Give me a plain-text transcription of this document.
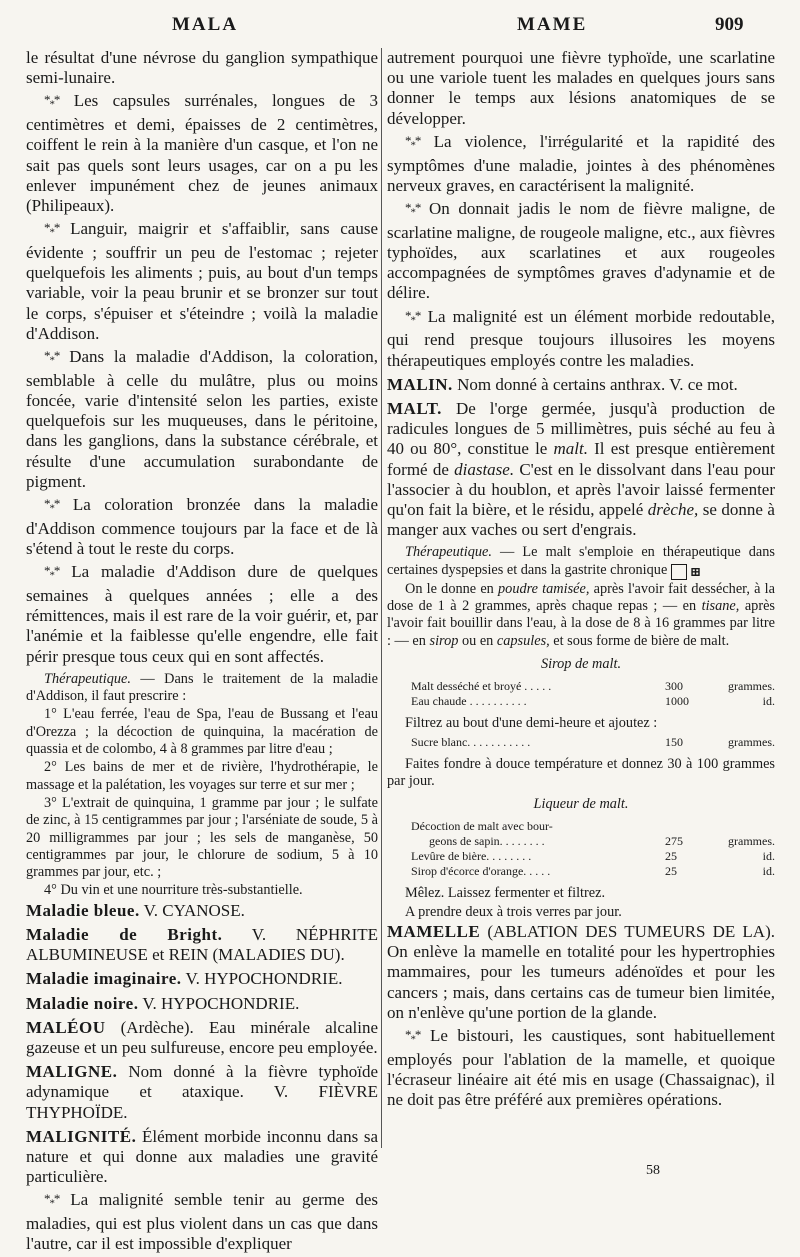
MALA	MAME	909

le résultat d'une névrose du ganglion sympathique semi-lunaire.

$*_**$ Les capsules surrénales, longues de 3 centimètres et demi, épaisses de 2 centimètres, coiffent le rein à la manière d'un casque, et l'on ne sait pas quels sont leurs usages, car on a pu les enlever impunément chez de jeunes animaux (Philipeaux).

$*_**$ Languir, maigrir et s'affaiblir, sans cause évidente ; souffrir un peu de l'estomac ; rejeter quelquefois les aliments ; puis, au bout d'un temps variable, voir la peau brunir et se bronzer sur tout le corps, s'épuiser et s'éteindre ; voilà la maladie d'Addison.

$*_**$ Dans la maladie d'Addison, la coloration, semblable à celle du mulâtre, plus ou moins foncée, varie d'intensité selon les parties, existe quelquefois sur les muqueuses, dans le péritoine, dans les ganglions, dans la substance cérébrale, et résulte d'une accumulation surabondante de pigment.

$*_**$ La coloration bronzée dans la maladie d'Addison commence toujours par la face et de là s'étend à tout le reste du corps.

$*_**$ La maladie d'Addison dure de quelques semaines à quelques années ; elle a des rémittences, mais il est rare de la voir guérir, et, par l'anémie et la faiblesse qu'elle engendre, elle fait périr presque tous ceux qui en sont affectés.

Thérapeutique. — Dans le traitement de la maladie d'Addison, il faut prescrire :

1° L'eau ferrée, l'eau de Spa, l'eau de Bussang et l'eau d'Orezza ; la décoction de quinquina, la macération de quassia et de colombo, 4 à 8 grammes par litre d'eau ;

2° Les bains de mer et de rivière, l'hydrothérapie, le massage et la palétation, les voyages sur terre et sur mer ;

3° L'extrait de quinquina, 1 gramme par jour ; le sulfate de zinc, à 15 centigrammes par jour ; l'arséniate de soude, 5 à 20 milligrammes par jour ; les sels de manganèse, 50 centigrammes par jour, le chlorure de sodium, 5 à 10 grammes par jour, etc. ;

4° Du vin et une nourriture très-substantielle.

Maladie bleue. V. CYANOSE.

Maladie de Bright. V. NÉPHRITE ALBUMINEUSE et REIN (MALADIES DU).

Maladie imaginaire. V. HYPOCHONDRIE.

Maladie noire. V. HYPOCHONDRIE.

MALÉOU (Ardèche). Eau minérale alcaline gazeuse et un peu sulfureuse, encore peu employée.

MALIGNE. Nom donné à la fièvre typhoïde adynamique et ataxique. V. FIÈVRE THYPHOÏDE.

MALIGNITÉ. Élément morbide inconnu dans sa nature et qui donne aux maladies une gravité particulière.

$*_**$ La malignité semble tenir au germe des maladies, qui est plus violent dans un cas que dans l'autre, car il est impossible d'expliquer

autrement pourquoi une fièvre typhoïde, une scarlatine ou une variole tuent les malades en quelques jours sans donner le temps aux lésions anatomiques de se développer.

$*_**$ La violence, l'irrégularité et la rapidité des symptômes d'une maladie, jointes à des phénomènes nerveux graves, en caractérisent la malignité.

$*_**$ On donnait jadis le nom de fièvre maligne, de scarlatine maligne, de rougeole maligne, etc., aux fièvres typhoïdes, aux scarlatines et aux rougeoles accompagnées de symptômes graves d'adynamie et de délire.

$*_**$ La malignité est un élément morbide redoutable, qui rend presque toujours illusoires les moyens thérapeutiques employés contre les maladies.

MALIN. Nom donné à certains anthrax. V. ce mot.

MALT. De l'orge germée, jusqu'à production de radicules longues de 5 millimètres, puis séché au feu à 40 ou 80°, constitue le malt. Il est presque entièrement formé de diastase. C'est en le dissolvant dans l'eau pour l'associer à du houblon, et après l'avoir laissé fermenter qu'on fait la bière, et le résidu, appelé drèche, se donne à manger aux vaches ou sert d'engrais.

Thérapeutique. — Le malt s'emploie en thérapeutique dans certaines dyspepsies et dans la gastrite chronique ⊞

On le donne en poudre tamisée, après l'avoir fait dessécher, à la dose de 1 à 2 grammes, après chaque repas ; — en tisane, après l'avoir fait bouillir dans l'eau, à la dose de 8 à 16 grammes par litre : — en sirop ou en capsules, et sous forme de bière de malt.

Sirop de malt.
Malt desséché et broyé . . . . .	300	grammes.
Eau chaude . . . . . . . . . .	1000	id.

Filtrez au bout d'une demi-heure et ajoutez :

Sucre blanc. . . . . . . . . . .	150	grammes.

Faites fondre à douce température et donnez 30 à 100 grammes par jour.

Liqueur de malt.
Décoction de malt avec bour-
geons de sapin. . . . . . . .	275	grammes.
Levûre de bière. . . . . . . .	25	id.
Sirop d'écorce d'orange. . . . .	25	id.

Mêlez. Laissez fermenter et filtrez.

A prendre deux à trois verres par jour.

MAMELLE (ABLATION DES TUMEURS DE LA). On enlève la mamelle en totalité pour les hypertrophies mammaires, pour les tumeurs adénoïdes et pour les cancers ; mais, dans certains cas de tumeur bien limitée, on n'enlève qu'une portion de la glande.

$*_**$ Le bistouri, les caustiques, sont habituellement employés pour l'ablation de la mamelle, et quoique l'écraseur linéaire ait été mis en usage (Chassaignac), il ne doit pas être préféré aux premières opérations.

58
